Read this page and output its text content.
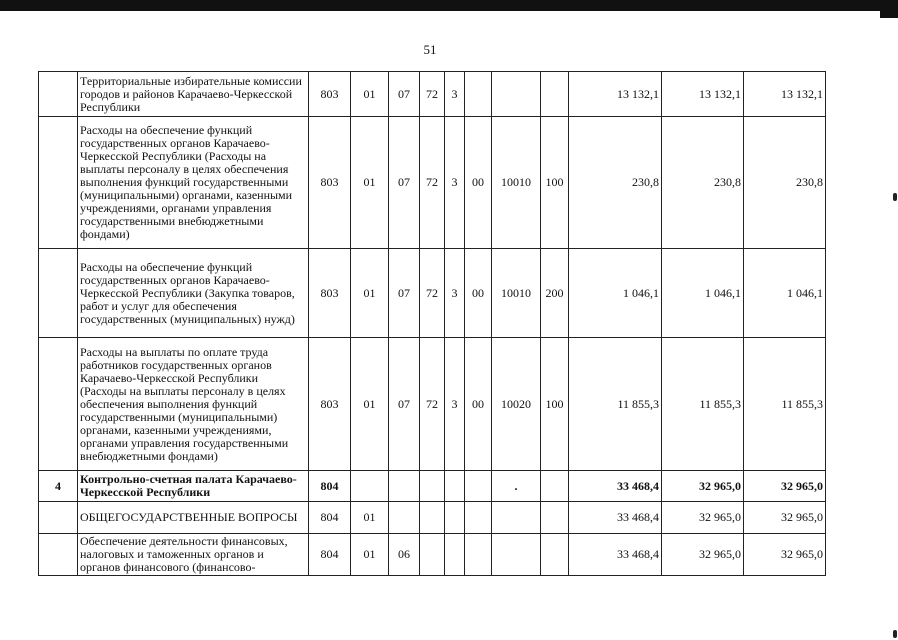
51
	Территориальные избирательные комиссии городов и районов Карачаево-Черкесской Республики	803	01	07	72	3				13 132,1	13 132,1	13 132,1
	Расходы на обеспечение функций государственных органов Карачаево-Черкесской Республики (Расходы на выплаты персоналу в целях обеспечения выполнения функций государственными (муниципальными) органами, казенными учреждениями, органами управления государственными внебюджетными фондами)	803	01	07	72	3	00	10010	100	230,8	230,8	230,8
	Расходы на обеспечение функций государственных органов Карачаево-Черкесской Республики (Закупка товаров, работ и услуг для обеспечения государственных (муниципальных) нужд)	803	01	07	72	3	00	10010	200	1 046,1	1 046,1	1 046,1
	Расходы на выплаты по оплате труда работников государственных органов Карачаево-Черкесской Республики (Расходы на выплаты персоналу в целях обеспечения выполнения функций государственными (муниципальными) органами, казенными учреждениями, органами управления государственными внебюджетными фондами)	803	01	07	72	3	00	10020	100	11 855,3	11 855,3	11 855,3
4	Контрольно-счетная палата Карачаево-Черкесской Республики	804						.		33 468,4	32 965,0	32 965,0
	ОБЩЕГОСУДАРСТВЕННЫЕ ВОПРОСЫ	804	01							33 468,4	32 965,0	32 965,0
	Обеспечение деятельности финансовых, налоговых и таможенных органов и органов финансового (финансово-	804	01	06						33 468,4	32 965,0	32 965,0
